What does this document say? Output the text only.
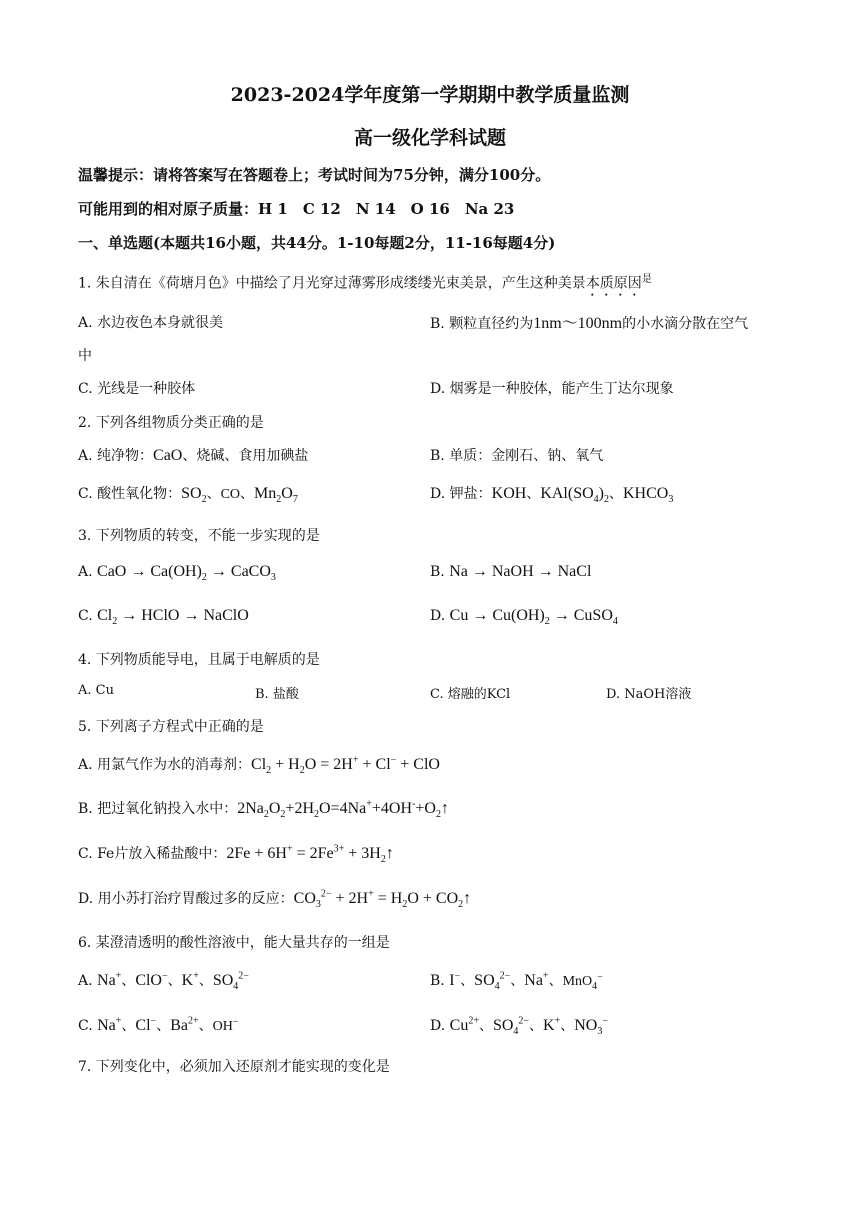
2023-2024学年度第一学期期中教学质量监测
高一级化学科试题
温馨提示：请将答案写在答题卷上；考试时间为75分钟，满分100分。
可能用到的相对原子质量：H 1　C 12　N 14　O 16　Na 23
一、单选题(本题共16小题，共44分。1-10每题2分，11-16每题4分)
1. 朱自清在《荷塘月色》中描绘了月光穿过薄雾形成缕缕光束美景，产生这种美景本质原因$^是$
A. 水边夜色本身就很美	B. 颗粒直径约为1nm～100nm的小水滴分散在空气
中
C. 光线是一种胶体	D. 烟雾是一种胶体，能产生丁达尔现象
2. 下列各组物质分类正确的是
A. 纯净物：CaO、烧碱、食用加碘盐	B. 单质：金刚石、钠、氧气
C. 酸性氧化物：$SO_2$、CO、$Mn_2O_7$	D. 钾盐：KOH、$KAl(SO_4)_2$、$KHCO_3$
3. 下列物质的转变，不能一步实现的是
A. CaO → $Ca(OH)_2$ → CaCO$_3$	B. Na → NaOH → NaCl
C. $Cl_2$ → HClO → NaClO	D. $Cu \to Cu(OH)_2$ → CuSO$_4$
4. 下列物质能导电，且属于电解质的是
A. Cu	B. 盐酸	C. 熔融的KCl	D. NaOH溶液
5. 下列离子方程式中正确的是
A. 用氯气作为水的消毒剂：$Cl_2 + H_2O = 2H^+ + Cl^-$ + ClO
B. 把过氧化钠投入水中：$2Na_2O_2+2H_2O=4Na^++4OH^-+O_2↑$
C. Fe片放入稀盐酸中：$2Fe + 6H^+ = 2Fe^{3+}$ + $3H_2↑$
D. 用小苏打治疗胃酸过多的反应：$CO_3^{2-} + 2H^+ = H_2O$ + $CO_2↑$
6. 某澄清透明的酸性溶液中，能大量共存的一组是
A. Na+、ClO−、K+、$SO_4^{2-}$	B. I−、$SO_4^{2-}$、Na+、MnO$_4$−
C. Na+、Cl−、$Ba^{2+}$、OH−	D. $Cu^{2+}$、$SO_4^{2-}$、K+、$NO_3^-$
7. 下列变化中，必须加入还原剂才能实现的变化是
